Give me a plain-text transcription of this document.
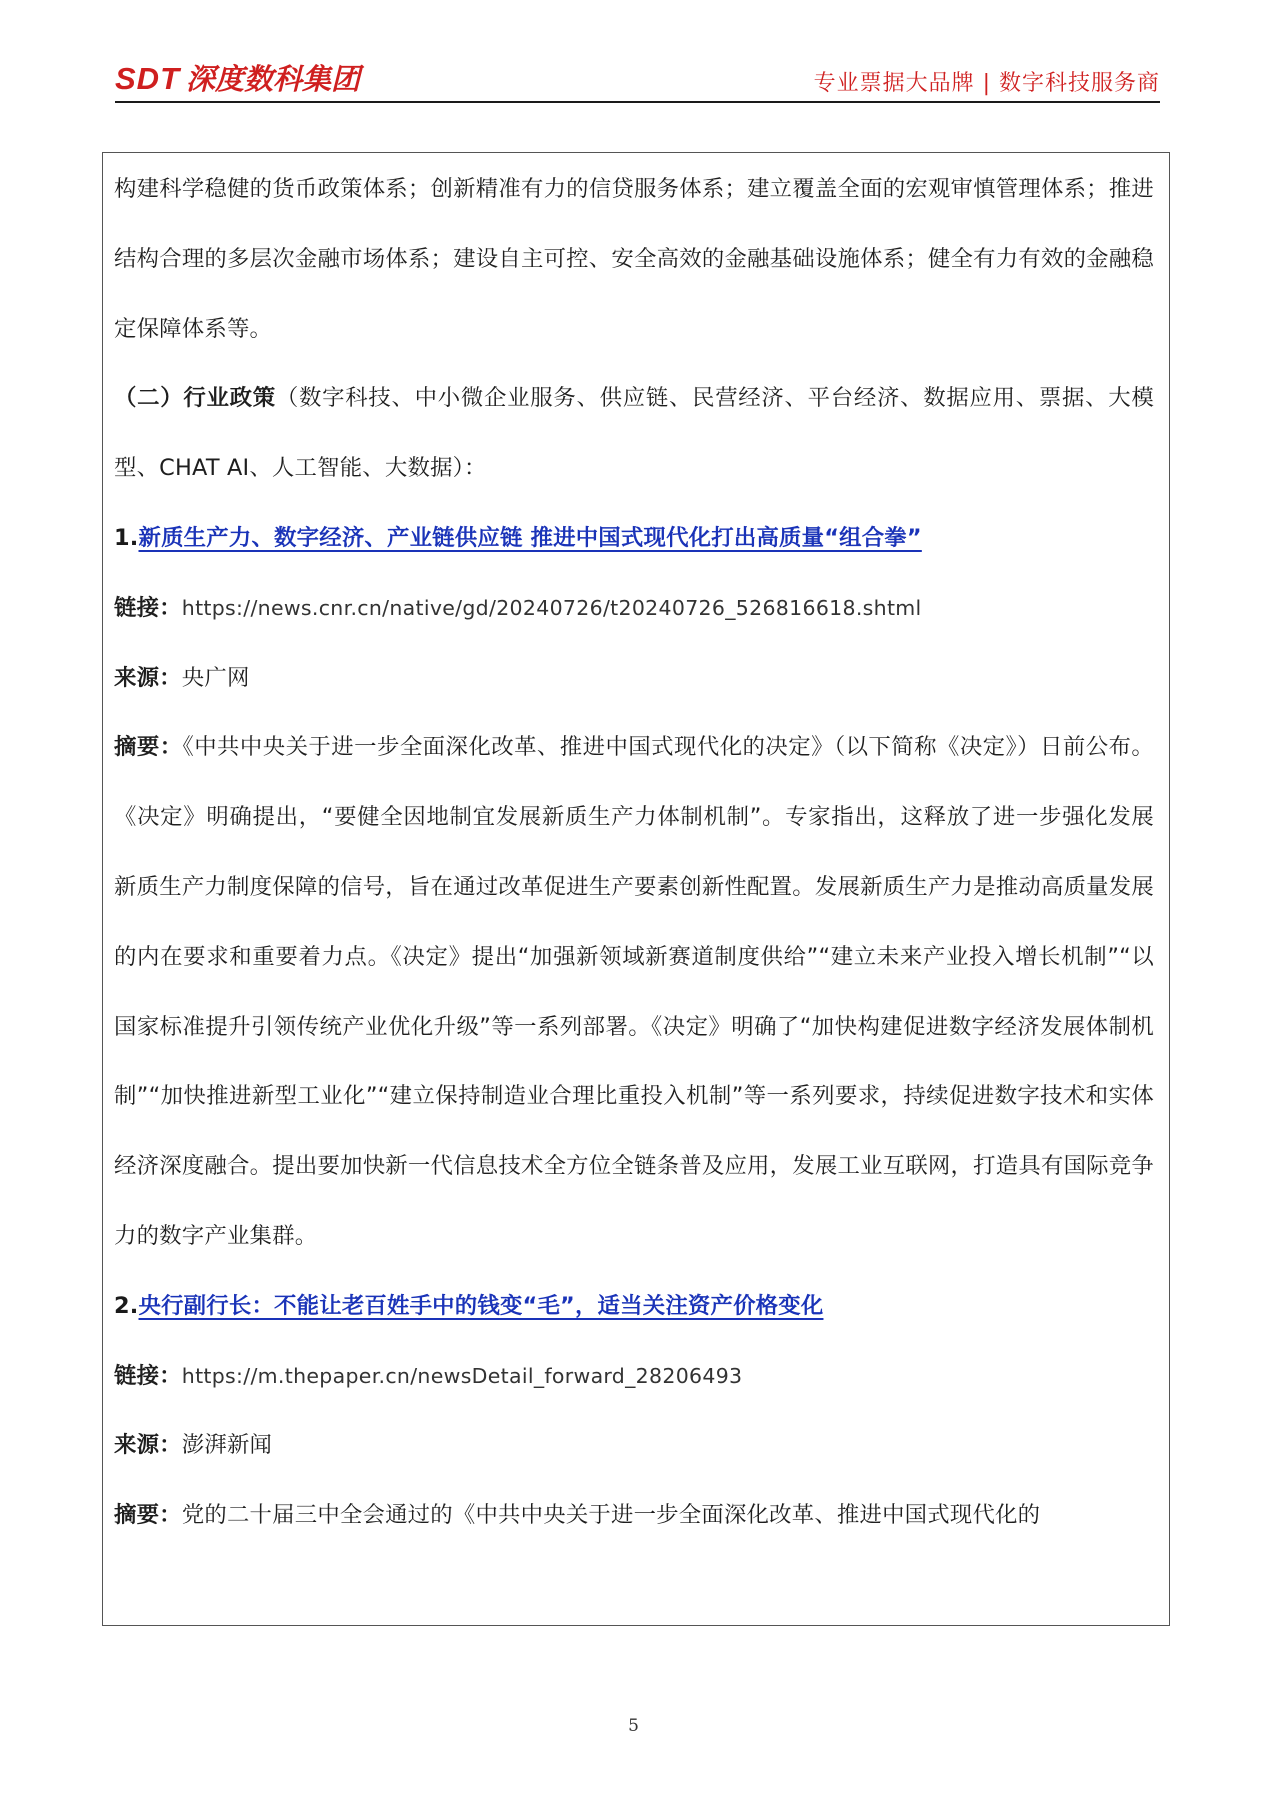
SDT 深度数科集团	专业票据大品牌 | 数字科技服务商

构建科学稳健的货币政策体系；创新精准有力的信贷服务体系；建立覆盖全面的宏观审慎管理体系；推进结构合理的多层次金融市场体系；建设自主可控、安全高效的金融基础设施体系；健全有力有效的金融稳定保障体系等。

（二）行业政策（数字科技、中小微企业服务、供应链、民营经济、平台经济、数据应用、票据、大模型、CHAT AI、人工智能、大数据）：

1.新质生产力、数字经济、产业链供应链 推进中国式现代化打出高质量“组合拳”

链接：https://news.cnr.cn/native/gd/20240726/t20240726_526816618.shtml

来源：央广网

摘要：《中共中央关于进一步全面深化改革、推进中国式现代化的决定》（以下简称《决定》）日前公布。《决定》明确提出，“要健全因地制宜发展新质生产力体制机制”。专家指出，这释放了进一步强化发展新质生产力制度保障的信号，旨在通过改革促进生产要素创新性配置。发展新质生产力是推动高质量发展的内在要求和重要着力点。《决定》提出“加强新领域新赛道制度供给”“建立未来产业投入增长机制”“以国家标准提升引领传统产业优化升级”等一系列部署。《决定》明确了“加快构建促进数字经济发展体制机制”“加快推进新型工业化”“建立保持制造业合理比重投入机制”等一系列要求，持续促进数字技术和实体经济深度融合。提出要加快新一代信息技术全方位全链条普及应用，发展工业互联网，打造具有国际竞争力的数字产业集群。

2.央行副行长：不能让老百姓手中的钱变“毛”，适当关注资产价格变化

链接：https://m.thepaper.cn/newsDetail_forward_28206493

来源：澎湃新闻

摘要：党的二十届三中全会通过的《中共中央关于进一步全面深化改革、推进中国式现代化的

5
